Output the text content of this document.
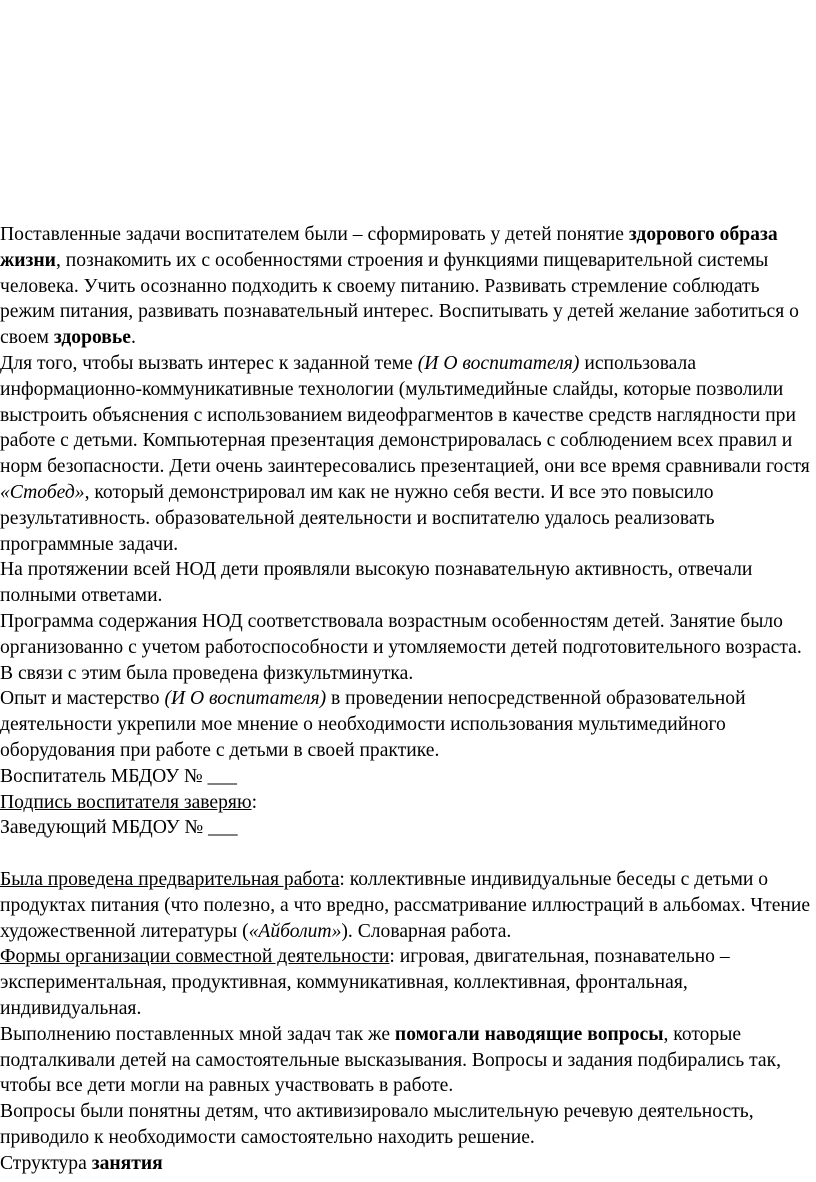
Поставленные задачи воспитателем были – сформировать у детей понятие здорового образа жизни, познакомить их с особенностями строения и функциями пищеварительной системы человека. Учить осознанно подходить к своему питанию. Развивать стремление соблюдать режим питания, развивать познавательный интерес. Воспитывать у детей желание заботиться о своем здоровье.

Для того, чтобы вызвать интерес к заданной теме (И О воспитателя) использовала информационно-коммуникативные технологии (мультимедийные слайды, которые позволили выстроить объяснения с использованием видеофрагментов в качестве средств наглядности при работе с детьми. Компьютерная презентация демонстрировалась с соблюдением всех правил и норм безопасности. Дети очень заинтересовались презентацией, они все время сравнивали гостя «Стобед», который демонстрировал им как не нужно себя вести. И все это повысило результативность. образовательной деятельности и воспитателю удалось реализовать программные задачи.

На протяжении всей НОД дети проявляли высокую познавательную активность, отвечали полными ответами.

Программа содержания НОД соответствовала возрастным особенностям детей. Занятие было организованно с учетом работоспособности и утомляемости детей подготовительного возраста. В связи с этим была проведена физкультминутка.

Опыт и мастерство (И О воспитателя) в проведении непосредственной образовательной деятельности укрепили мое мнение о необходимости использования мультимедийного оборудования при работе с детьми в своей практике.

Воспитатель МБДОУ № ___

Подпись воспитателя заверяю:

Заведующий МБДОУ № ___

Была проведена предварительная работа: коллективные индивидуальные беседы с детьми о продуктах питания (что полезно, а что вредно, рассматривание иллюстраций в альбомах. Чтение художественной литературы («Айболит»). Словарная работа.

Формы организации совместной деятельности: игровая, двигательная, познавательно – экспериментальная, продуктивная, коммуникативная, коллективная, фронтальная, индивидуальная.

Выполнению поставленных мной задач так же помогали наводящие вопросы, которые подталкивали детей на самостоятельные высказывания. Вопросы и задания подбирались так, чтобы все дети могли на равных участвовать в работе.

Вопросы были понятны детям, что активизировало мыслительную речевую деятельность, приводило к необходимости самостоятельно находить решение.

Структура занятия
